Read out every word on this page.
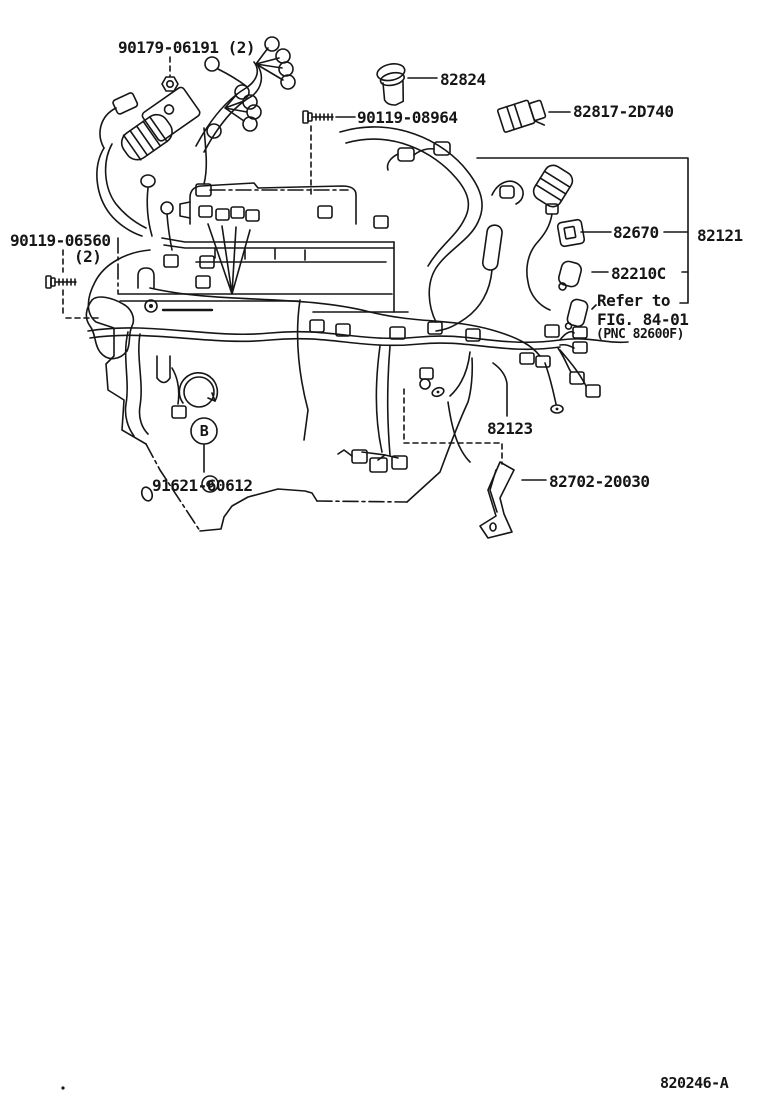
B
90179-06191 (2)
82824
90119-08964	82817-2D740
82670 82121
82210C
Refer to
FIG. 84-01
(PNC 82600F)
90119-06560
(2)
82123
82702-20030
91621-60612
820246-A
